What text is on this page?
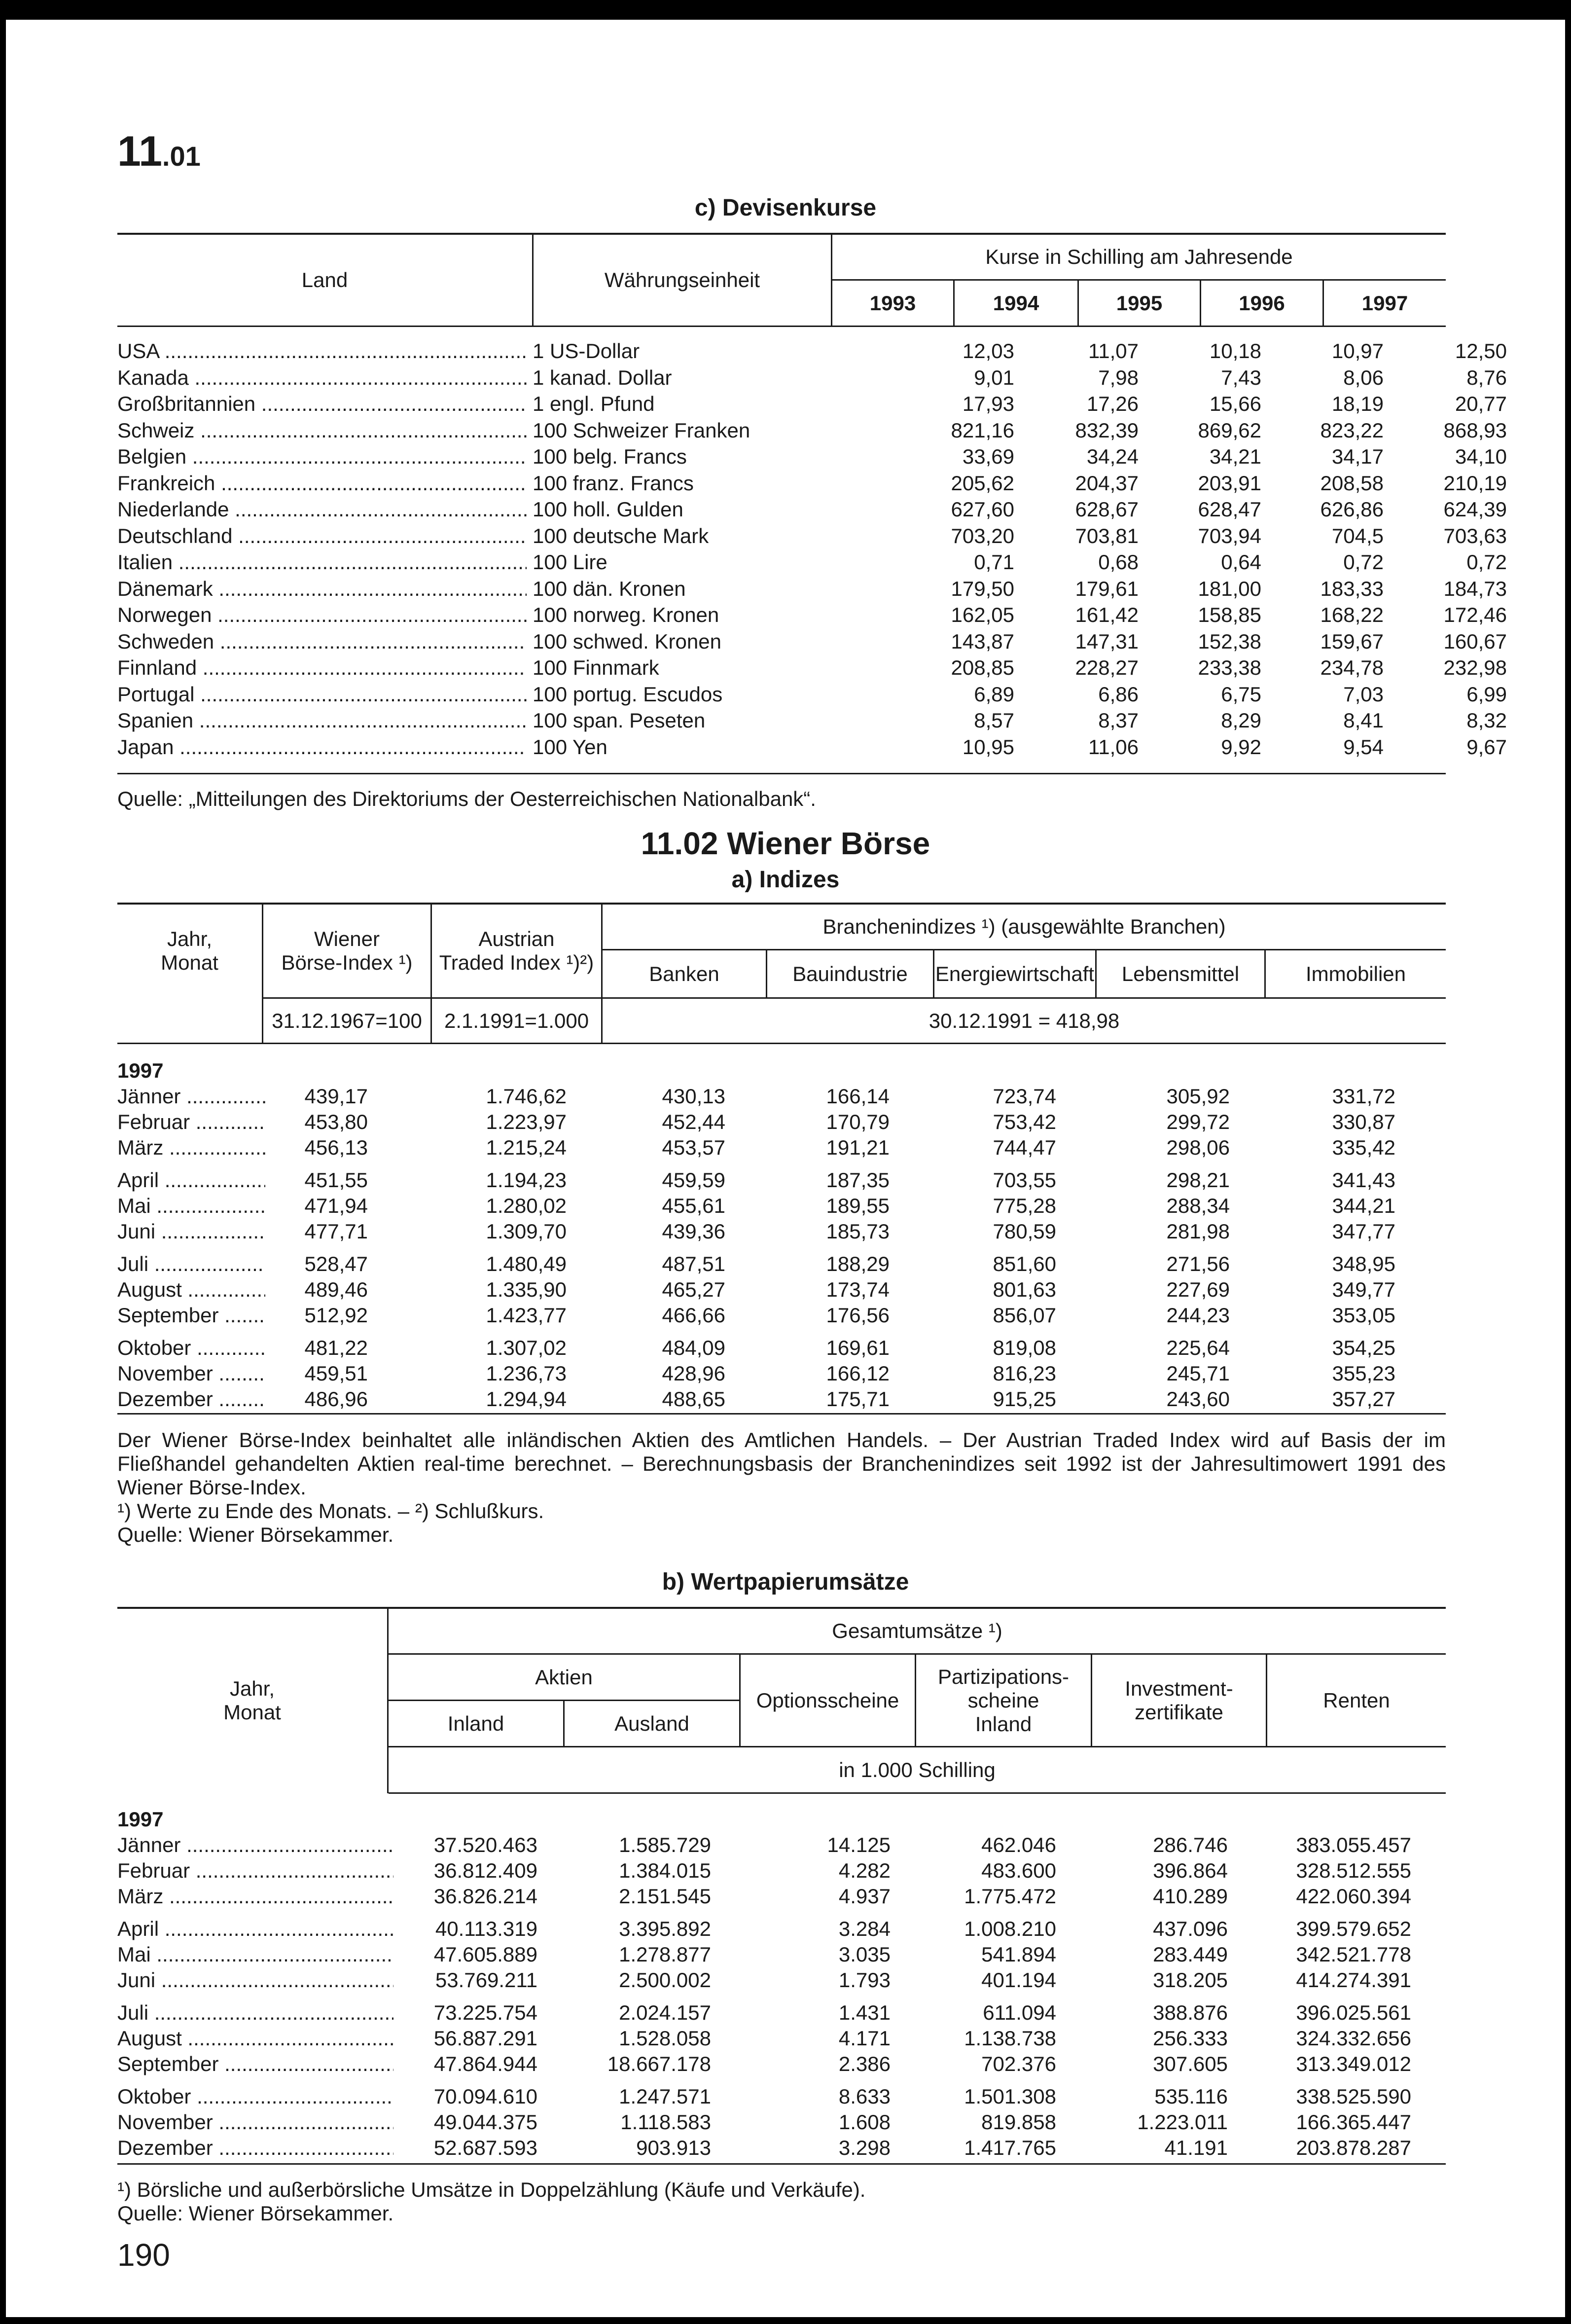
11.01
c) Devisenkurse
Land	Währungseinheit
Kurse in Schilling am Jahresende
1993	1994	1995	1996	1997
USA .....	1 US-Dollar	12,03	11,07	10,18	10,97	12,50
Kanada .....	1 kanad. Dollar	9,01	7,98	7,43	8,06	8,76
Großbritannien .....	1 engl. Pfund	17,93	17,26	15,66	18,19	20,77
Schweiz .....	100 Schweizer Franken	821,16	832,39	869,62	823,22	868,93
Belgien .....	100 belg. Francs	33,69	34,24	34,21	34,17	34,10
Frankreich .....	100 franz. Francs	205,62	204,37	203,91	208,58	210,19
Niederlande .....	100 holl. Gulden	627,60	628,67	628,47	626,86	624,39
Deutschland .....	100 deutsche Mark	703,20	703,81	703,94	704,5	703,63
Italien .....	100 Lire	0,71	0,68	0,64	0,72	0,72
Dänemark .....	100 dän. Kronen	179,50	179,61	181,00	183,33	184,73
Norwegen .....	100 norweg. Kronen	162,05	161,42	158,85	168,22	172,46
Schweden .....	100 schwed. Kronen	143,87	147,31	152,38	159,67	160,67
Finnland .....	100 Finnmark	208,85	228,27	233,38	234,78	232,98
Portugal .....	100 portug. Escudos	6,89	6,86	6,75	7,03	6,99
Spanien .....	100 span. Peseten	8,57	8,37	8,29	8,41	8,32
Japan .....	100 Yen	10,95	11,06	9,92	9,54	9,67
Quelle: „Mitteilungen des Direktoriums der Oesterreichischen Nationalbank“.
11.02 Wiener Börse
a) Indizes
Jahr,
Monat
Wiener
Börse-Index ¹)
Austrian
Traded Index ¹)²)
Branchenindizes ¹) (ausgewählte Branchen)
Banken	Bauindustrie	Energiewirtschaft	Lebensmittel	Immobilien
31.12.1967=100	2.1.1991=1.000	30.12.1991 = 418,98
1997
Jänner .....	439,17	1.746,62	430,13	166,14	723,74	305,92	331,72
Februar .....	453,80	1.223,97	452,44	170,79	753,42	299,72	330,87
März .....	456,13	1.215,24	453,57	191,21	744,47	298,06	335,42
April .....	451,55	1.194,23	459,59	187,35	703,55	298,21	341,43
Mai .....	471,94	1.280,02	455,61	189,55	775,28	288,34	344,21
Juni .....	477,71	1.309,70	439,36	185,73	780,59	281,98	347,77
Juli .....	528,47	1.480,49	487,51	188,29	851,60	271,56	348,95
August .....	489,46	1.335,90	465,27	173,74	801,63	227,69	349,77
September .....	512,92	1.423,77	466,66	176,56	856,07	244,23	353,05
Oktober .....	481,22	1.307,02	484,09	169,61	819,08	225,64	354,25
November .....	459,51	1.236,73	428,96	166,12	816,23	245,71	355,23
Dezember .....	486,96	1.294,94	488,65	175,71	915,25	243,60	357,27
Der Wiener Börse-Index beinhaltet alle inländischen Aktien des Amtlichen Handels. – Der Austrian Traded Index wird auf Basis der im Fließhandel gehandelten Aktien real-time berechnet. – Berechnungsbasis der Branchenindizes seit 1992 ist der Jahresultimowert 1991 des Wiener Börse-Index.
¹) Werte zu Ende des Monats. – ²) Schlußkurs.
Quelle: Wiener Börsekammer.
b) Wertpapierumsätze
Jahr,
Monat
Gesamtumsätze ¹)
Aktien
Inland	Ausland
Optionsscheine
Partizipations-
scheine
Inland
Investment-
zertifikate
Renten
in 1.000 Schilling
1997
Jänner .....	37.520.463	1.585.729	14.125	462.046	286.746	383.055.457
Februar .....	36.812.409	1.384.015	4.282	483.600	396.864	328.512.555
März .....	36.826.214	2.151.545	4.937	1.775.472	410.289	422.060.394
April .....	40.113.319	3.395.892	3.284	1.008.210	437.096	399.579.652
Mai .....	47.605.889	1.278.877	3.035	541.894	283.449	342.521.778
Juni .....	53.769.211	2.500.002	1.793	401.194	318.205	414.274.391
Juli .....	73.225.754	2.024.157	1.431	611.094	388.876	396.025.561
August .....	56.887.291	1.528.058	4.171	1.138.738	256.333	324.332.656
September .....	47.864.944	18.667.178	2.386	702.376	307.605	313.349.012
Oktober .....	70.094.610	1.247.571	8.633	1.501.308	535.116	338.525.590
November .....	49.044.375	1.118.583	1.608	819.858	1.223.011	166.365.447
Dezember .....	52.687.593	903.913	3.298	1.417.765	41.191	203.878.287
¹) Börsliche und außerbörsliche Umsätze in Doppelzählung (Käufe und Verkäufe).
Quelle: Wiener Börsekammer.
190
